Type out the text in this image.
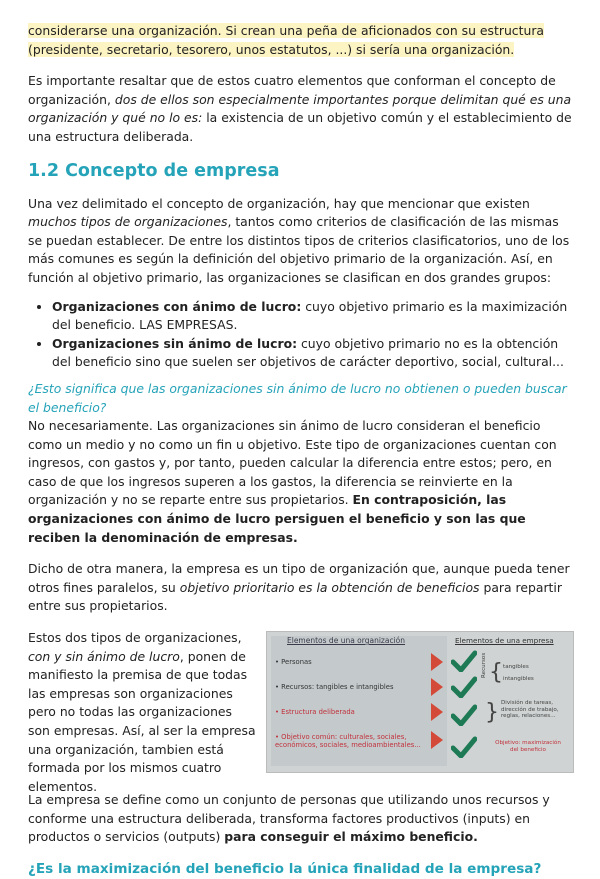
considerarse una organización. Si crean una peña de aficionados con su estructura (presidente, secretario, tesorero, unos estatutos, ...) si sería una organización.

Es importante resaltar que de estos cuatro elementos que conforman el concepto de organización, dos de ellos son especialmente importantes porque delimitan qué es una organización y qué no lo es: la existencia de un objetivo común y el establecimiento de una estructura deliberada.

1.2 Concepto de empresa

Una vez delimitado el concepto de organización, hay que mencionar que existen muchos tipos de organizaciones, tantos como criterios de clasificación de las mismas se puedan establecer. De entre los distintos tipos de criterios clasificatorios, uno de los más comunes es según la definición del objetivo primario de la organización. Así, en función al objetivo primario, las organizaciones se clasifican en dos grandes grupos:

• Organizaciones con ánimo de lucro: cuyo objetivo primario es la maximización del beneficio. LAS EMPRESAS.
• Organizaciones sin ánimo de lucro: cuyo objetivo primario no es la obtención del beneficio sino que suelen ser objetivos de carácter deportivo, social, cultural...

¿Esto significa que las organizaciones sin ánimo de lucro no obtienen o pueden buscar el beneficio?

No necesariamente. Las organizaciones sin ánimo de lucro consideran el beneficio como un medio y no como un fin u objetivo. Este tipo de organizaciones cuentan con ingresos, con gastos y, por tanto, pueden calcular la diferencia entre estos; pero, en caso de que los ingresos superen a los gastos, la diferencia se reinvierte en la organización y no se reparte entre sus propietarios. En contraposición, las organizaciones con ánimo de lucro persiguen el beneficio y son las que reciben la denominación de empresas.

Dicho de otra manera, la empresa es un tipo de organización que, aunque pueda tener otros fines paralelos, su objetivo prioritario es la obtención de beneficios para repartir entre sus propietarios.

Estos dos tipos de organizaciones, con y sin ánimo de lucro, ponen de manifiesto la premisa de que todas las empresas son organizaciones pero no todas las organizaciones son empresas. Así, al ser la empresa una organización, tambien está formada por los mismos cuatro elementos.

Elementos de una organización
• Personas
• Recursos: tangibles e intangibles
• Estructura deliberada
• Objetivo común: culturales, sociales, económicos, sociales, medioambientales...
Elementos de una empresa
Recursos { tangibles
intangibles
} División de tareas, dirección de trabajo, reglas, relaciones...
Objetivo: maximización del beneficio

La empresa se define como un conjunto de personas que utilizando unos recursos y conforme una estructura deliberada, transforma factores productivos (inputs) en productos o servicios (outputs) para conseguir el máximo beneficio.

¿Es la maximización del beneficio la única finalidad de la empresa?
